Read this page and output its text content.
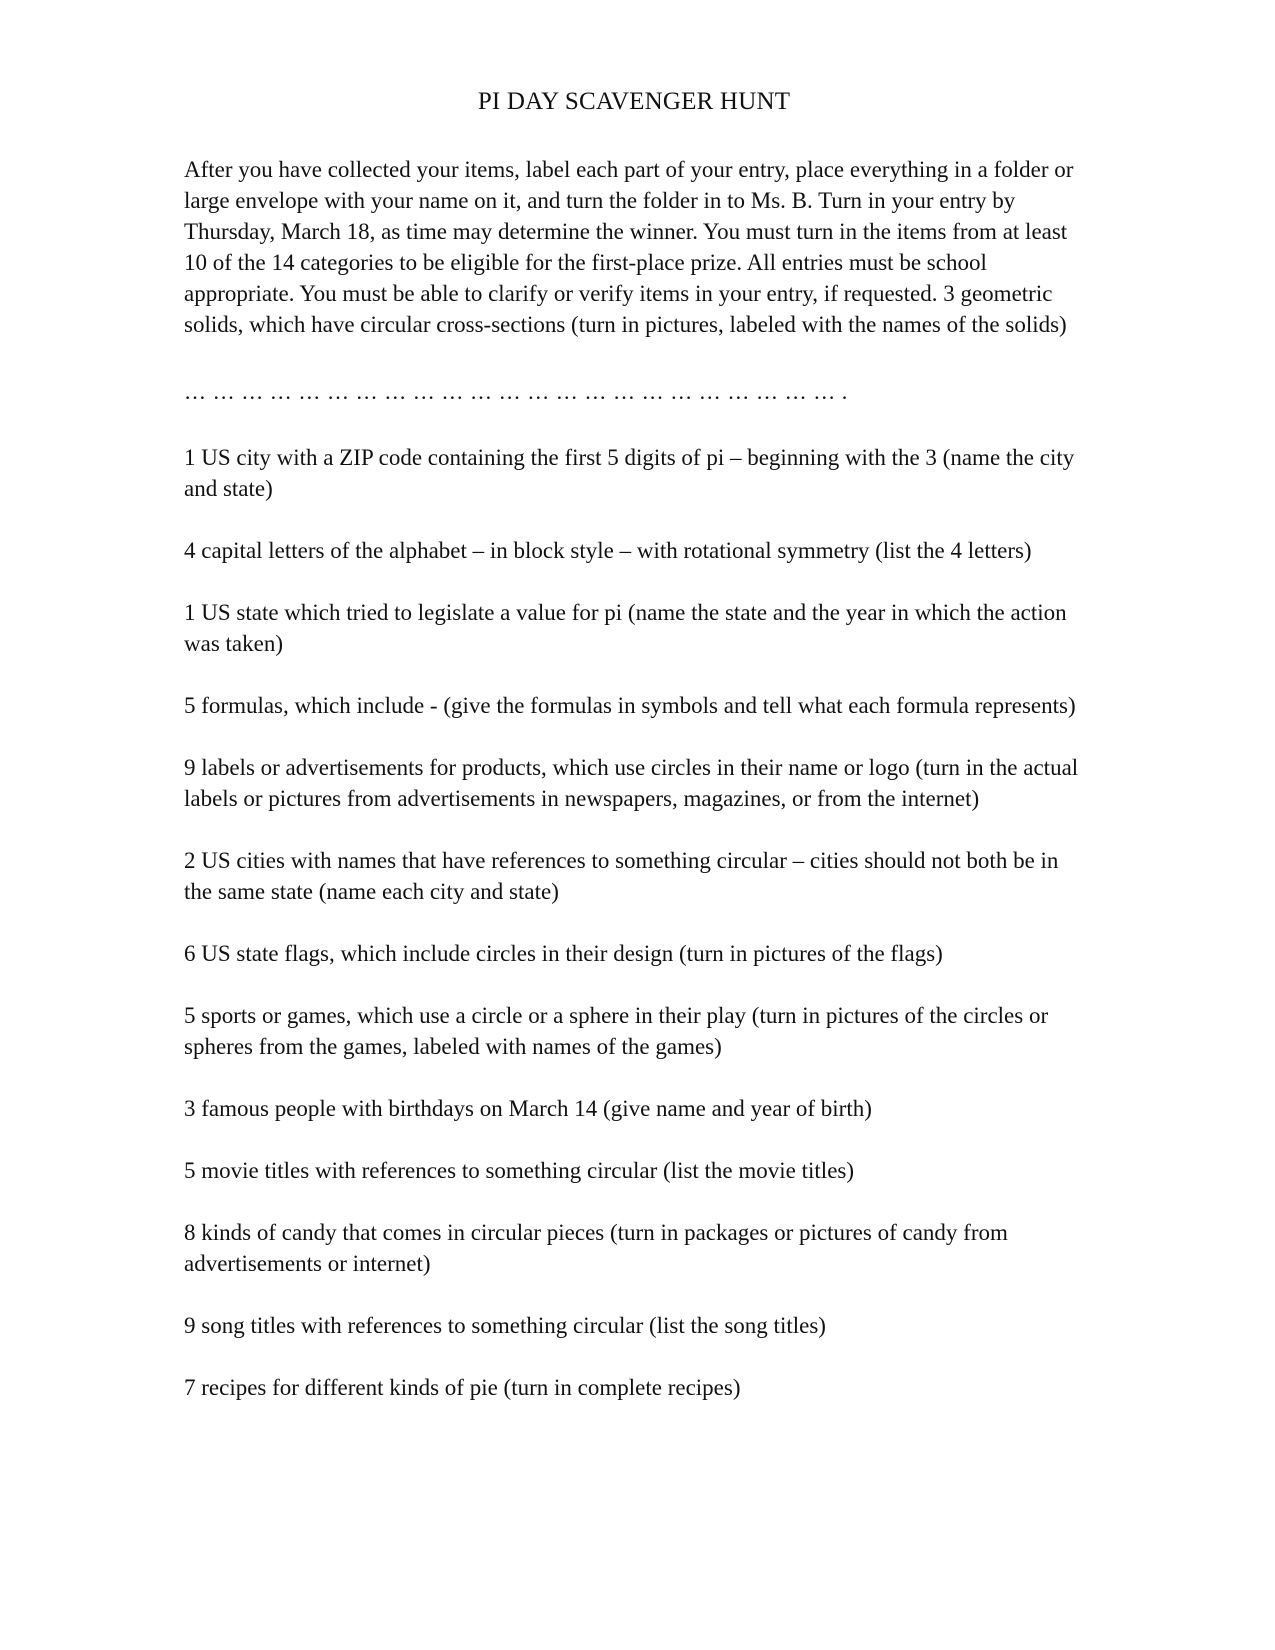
PI DAY SCAVENGER HUNT

After you have collected your items, label each part of your entry, place everything in a folder or large envelope with your name on it, and turn the folder in to Ms. B. Turn in your entry by Thursday, March 18, as time may determine the winner. You must turn in the items from at least 10 of the 14 categories to be eligible for the first-place prize. All entries must be school appropriate. You must be able to clarify or verify items in your entry, if requested. 3 geometric solids, which have circular cross-sections (turn in pictures, labeled with the names of the solids)

…………………………………………………………….
1 US city with a ZIP code containing the first 5 digits of pi – beginning with the 3 (name the city and state)
4 capital letters of the alphabet – in block style – with rotational symmetry (list the 4 letters)
1 US state which tried to legislate a value for pi (name the state and the year in which the action was taken)
5 formulas, which include - (give the formulas in symbols and tell what each formula represents)
9 labels or advertisements for products, which use circles in their name or logo (turn in the actual labels or pictures from advertisements in newspapers, magazines, or from the internet)
2 US cities with names that have references to something circular – cities should not both be in the same state (name each city and state)
6 US state flags, which include circles in their design (turn in pictures of the flags)
5 sports or games, which use a circle or a sphere in their play (turn in pictures of the circles or spheres from the games, labeled with names of the games)
3 famous people with birthdays on March 14 (give name and year of birth)
5 movie titles with references to something circular (list the movie titles)
8 kinds of candy that comes in circular pieces (turn in packages or pictures of candy from advertisements or internet)
9 song titles with references to something circular (list the song titles)
7 recipes for different kinds of pie (turn in complete recipes)
